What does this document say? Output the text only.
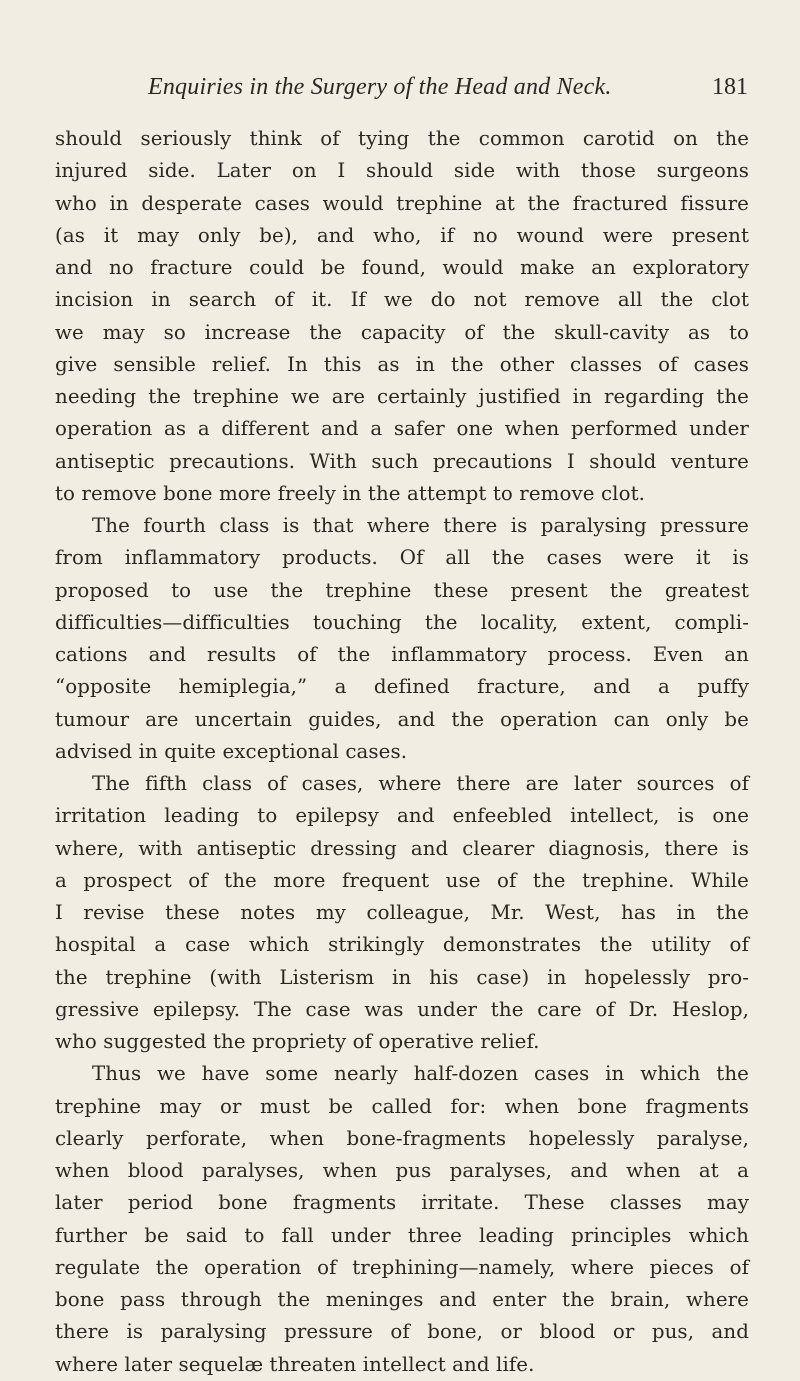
Enquiries in the Surgery of the Head and Neck.	181
should seriously think of tying the common carotid on the
injured side. Later on I should side with those surgeons
who in desperate cases would trephine at the fractured fissure
(as it may only be), and who, if no wound were present
and no fracture could be found, would make an exploratory
incision in search of it. If we do not remove all the clot
we may so increase the capacity of the skull-cavity as to
give sensible relief. In this as in the other classes of cases
needing the trephine we are certainly justified in regarding the
operation as a different and a safer one when performed under
antiseptic precautions. With such precautions I should venture
to remove bone more freely in the attempt to remove clot.
The fourth class is that where there is paralysing pressure
from inflammatory products. Of all the cases were it is
proposed to use the trephine these present the greatest
difficulties—difficulties touching the locality, extent, compli-
cations and results of the inflammatory process. Even an
“opposite hemiplegia,” a defined fracture, and a puffy
tumour are uncertain guides, and the operation can only be
advised in quite exceptional cases.
The fifth class of cases, where there are later sources of
irritation leading to epilepsy and enfeebled intellect, is one
where, with antiseptic dressing and clearer diagnosis, there is
a prospect of the more frequent use of the trephine. While
I revise these notes my colleague, Mr. West, has in the
hospital a case which strikingly demonstrates the utility of
the trephine (with Listerism in his case) in hopelessly pro-
gressive epilepsy. The case was under the care of Dr. Heslop,
who suggested the propriety of operative relief.
Thus we have some nearly half-dozen cases in which the
trephine may or must be called for: when bone fragments
clearly perforate, when bone-fragments hopelessly paralyse,
when blood paralyses, when pus paralyses, and when at a
later period bone fragments irritate. These classes may
further be said to fall under three leading principles which
regulate the operation of trephining—namely, where pieces of
bone pass through the meninges and enter the brain, where
there is paralysing pressure of bone, or blood or pus, and
where later sequelæ threaten intellect and life.
